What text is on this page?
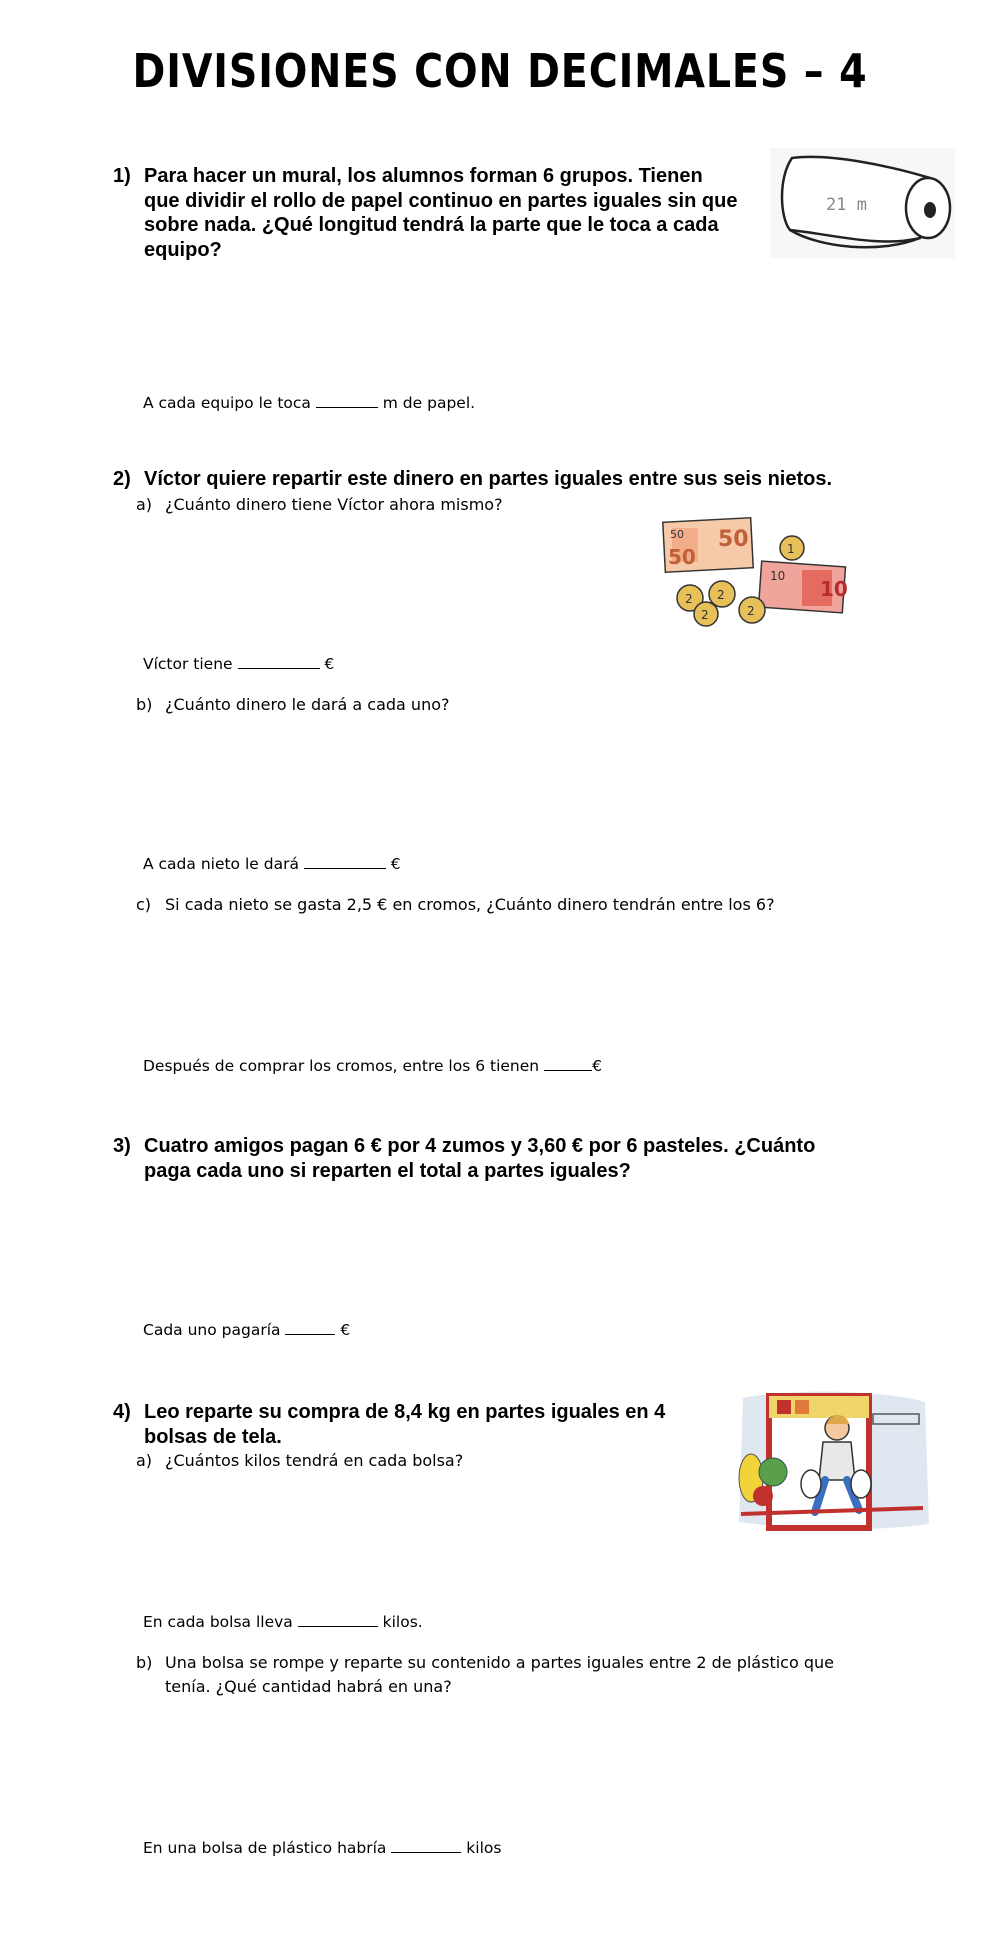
DIVISIONES CON DECIMALES – 4
1) Para hacer un mural, los alumnos forman 6 grupos. Tienen
que dividir el rollo de papel continuo en partes iguales sin que
sobre nada. ¿Qué longitud tendrá la parte que le toca a cada
equipo?
21 m
A cada equipo le toca	m de papel.
2) Víctor quiere repartir este dinero en partes iguales entre sus seis nietos.
a) ¿Cuánto dinero tiene Víctor ahora mismo?
50
50
50
10
10
1
2 2
2	2
Víctor tiene	€
b) ¿Cuánto dinero le dará a cada uno?
A cada nieto le dará	€
c) Si cada nieto se gasta 2,5 € en cromos, ¿Cuánto dinero tendrán entre los 6?
Después de comprar los cromos, entre los 6 tienen	€
3) Cuatro amigos pagan 6 € por 4 zumos y 3,60 € por 6 pasteles. ¿Cuánto
paga cada uno si reparten el total a partes iguales?
Cada uno pagaría	€
4) Leo reparte su compra de 8,4 kg en partes iguales en 4
bolsas de tela.
a) ¿Cuántos kilos tendrá en cada bolsa?
En cada bolsa lleva	kilos.
b) Una bolsa se rompe y reparte su contenido a partes iguales entre 2 de plástico que
tenía. ¿Qué cantidad habrá en una?
En una bolsa de plástico habría	kilos
